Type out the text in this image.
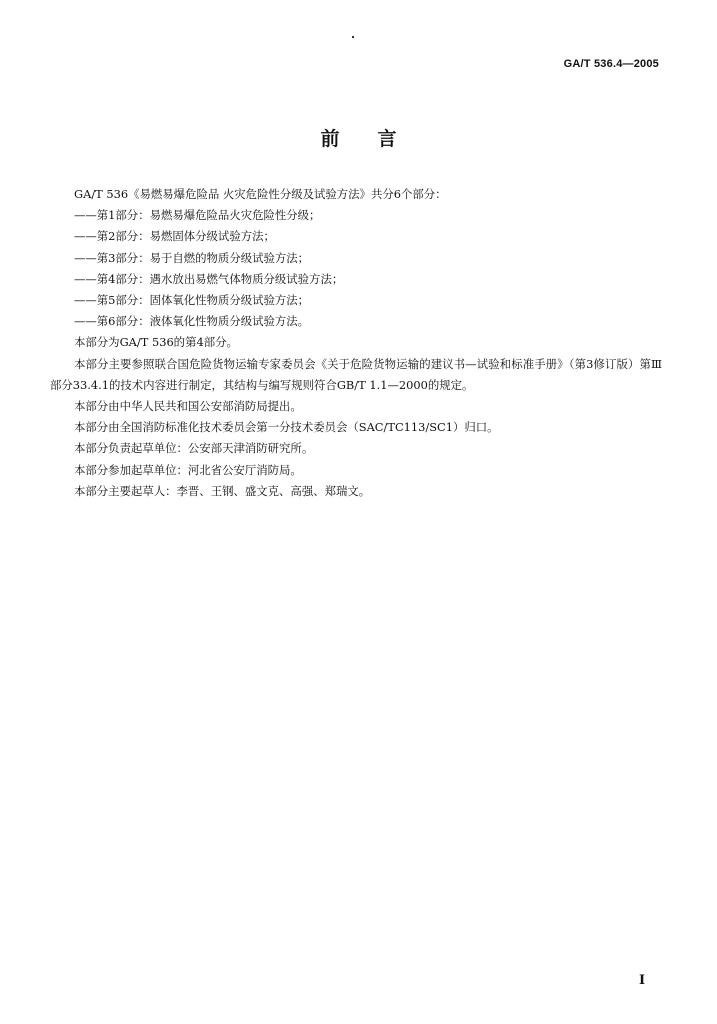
GA/T 536.4—2005
前言

GA/T 536《易燃易爆危险品 火灾危险性分级及试验方法》共分6个部分：

——第1部分：易燃易爆危险品火灾危险性分级；

——第2部分：易燃固体分级试验方法；

——第3部分：易于自燃的物质分级试验方法；

——第4部分：遇水放出易燃气体物质分级试验方法；

——第5部分：固体氧化性物质分级试验方法；

——第6部分：液体氧化性物质分级试验方法。

本部分为GA/T 536的第4部分。

本部分主要参照联合国危险货物运输专家委员会《关于危险货物运输的建议书—试验和标准手册》（第3修订版）第Ⅲ部分33.4.1的技术内容进行制定，其结构与编写规则符合GB/T 1.1—2000的规定。

本部分由中华人民共和国公安部消防局提出。

本部分由全国消防标准化技术委员会第一分技术委员会（SAC/TC113/SC1）归口。

本部分负责起草单位：公安部天津消防研究所。

本部分参加起草单位：河北省公安厅消防局。

本部分主要起草人：李晋、王钢、盛文克、高强、郑瑞文。

I
